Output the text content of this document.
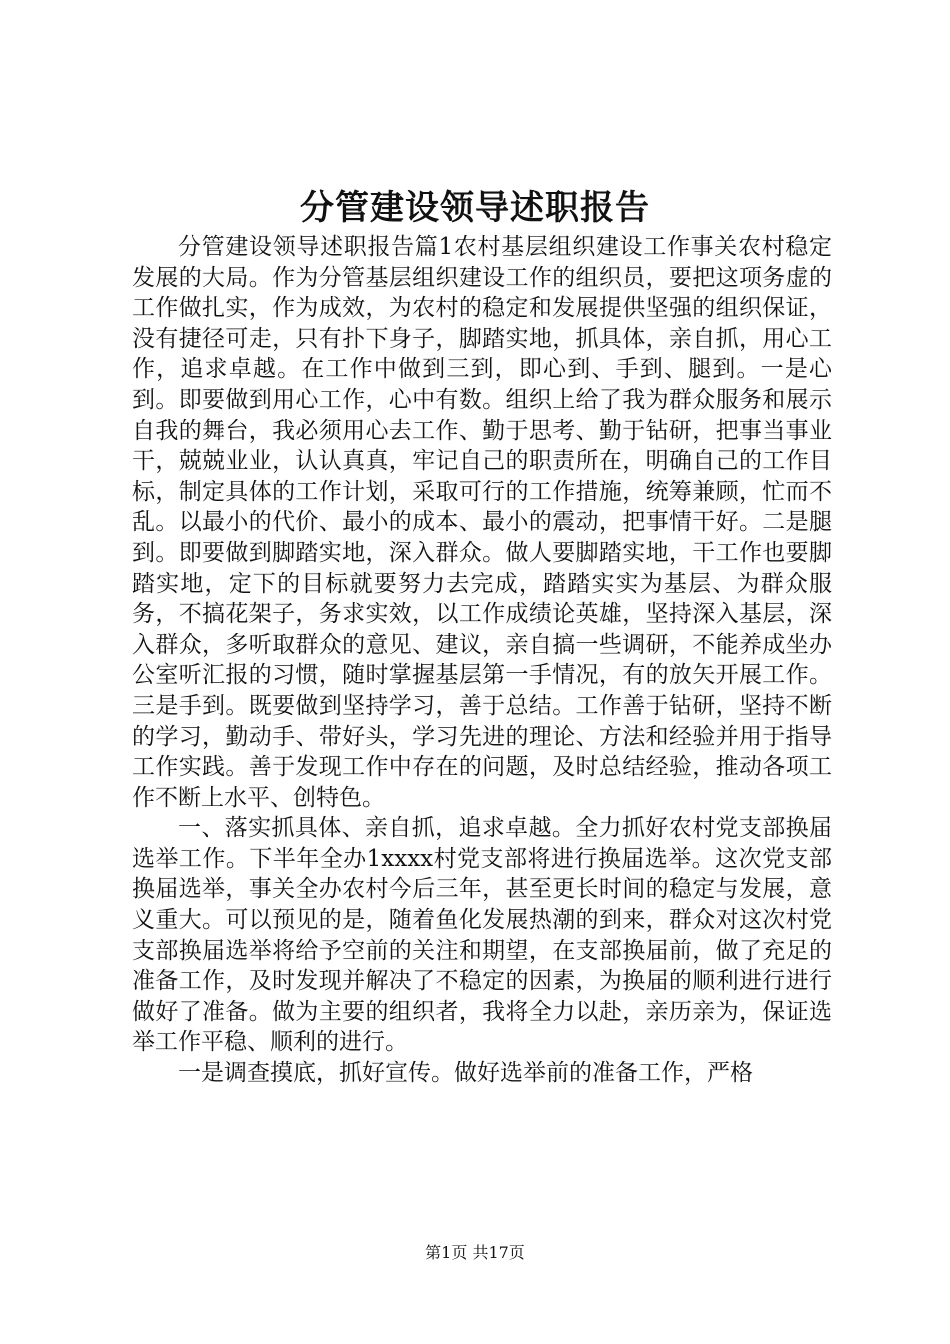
分管建设领导述职报告

分管建设领导述职报告篇1农村基层组织建设工作事关农村稳定发展的大局。作为分管基层组织建设工作的组织员，要把这项务虚的工作做扎实，作为成效，为农村的稳定和发展提供坚强的组织保证，没有捷径可走，只有扑下身子，脚踏实地，抓具体，亲自抓，用心工作，追求卓越。在工作中做到三到，即心到、手到、腿到。一是心到。即要做到用心工作，心中有数。组织上给了我为群众服务和展示自我的舞台，我必须用心去工作、勤于思考、勤于钻研，把事当事业干，兢兢业业，认认真真，牢记自己的职责所在，明确自己的工作目标，制定具体的工作计划，采取可行的工作措施，统筹兼顾，忙而不乱。以最小的代价、最小的成本、最小的震动，把事情干好。二是腿到。即要做到脚踏实地，深入群众。做人要脚踏实地，干工作也要脚踏实地，定下的目标就要努力去完成，踏踏实实为基层、为群众服务，不搞花架子，务求实效，以工作成绩论英雄，坚持深入基层，深入群众，多听取群众的意见、建议，亲自搞一些调研，不能养成坐办公室听汇报的习惯，随时掌握基层第一手情况，有的放矢开展工作。三是手到。既要做到坚持学习，善于总结。工作善于钻研，坚持不断的学习，勤动手、带好头，学习先进的理论、方法和经验并用于指导工作实践。善于发现工作中存在的问题，及时总结经验，推动各项工作不断上水平、创特色。

一、落实抓具体、亲自抓，追求卓越。全力抓好农村党支部换届选举工作。下半年全办1xxxx村党支部将进行换届选举。这次党支部换届选举，事关全办农村今后三年，甚至更长时间的稳定与发展，意义重大。可以预见的是，随着鱼化发展热潮的到来，群众对这次村党支部换届选举将给予空前的关注和期望，在支部换届前，做了充足的准备工作，及时发现并解决了不稳定的因素，为换届的顺利进行进行做好了准备。做为主要的组织者，我将全力以赴，亲历亲为，保证选举工作平稳、顺利的进行。

一是调查摸底，抓好宣传。做好选举前的准备工作，严格

第1页 共17页
